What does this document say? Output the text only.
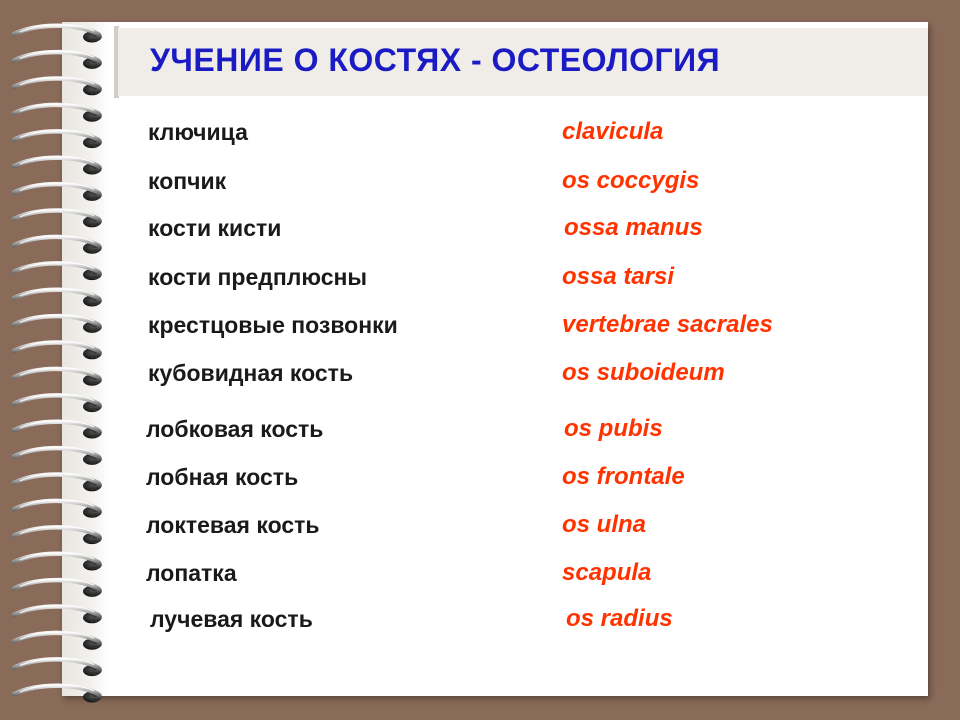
УЧЕНИЕ О КОСТЯХ - ОСТЕОЛОГИЯ
ключица	clavicula
копчик	os coccygis
кости кисти	ossa manus
кости предплюсны	ossa tarsi
крестцовые позвонки	vertebrae sacrales
кубовидная кость	os suboideum
лобковая кость	os pubis
лобная кость	os frontale
локтевая кость	os ulna
лопатка	scapula
лучевая кость	os radius
